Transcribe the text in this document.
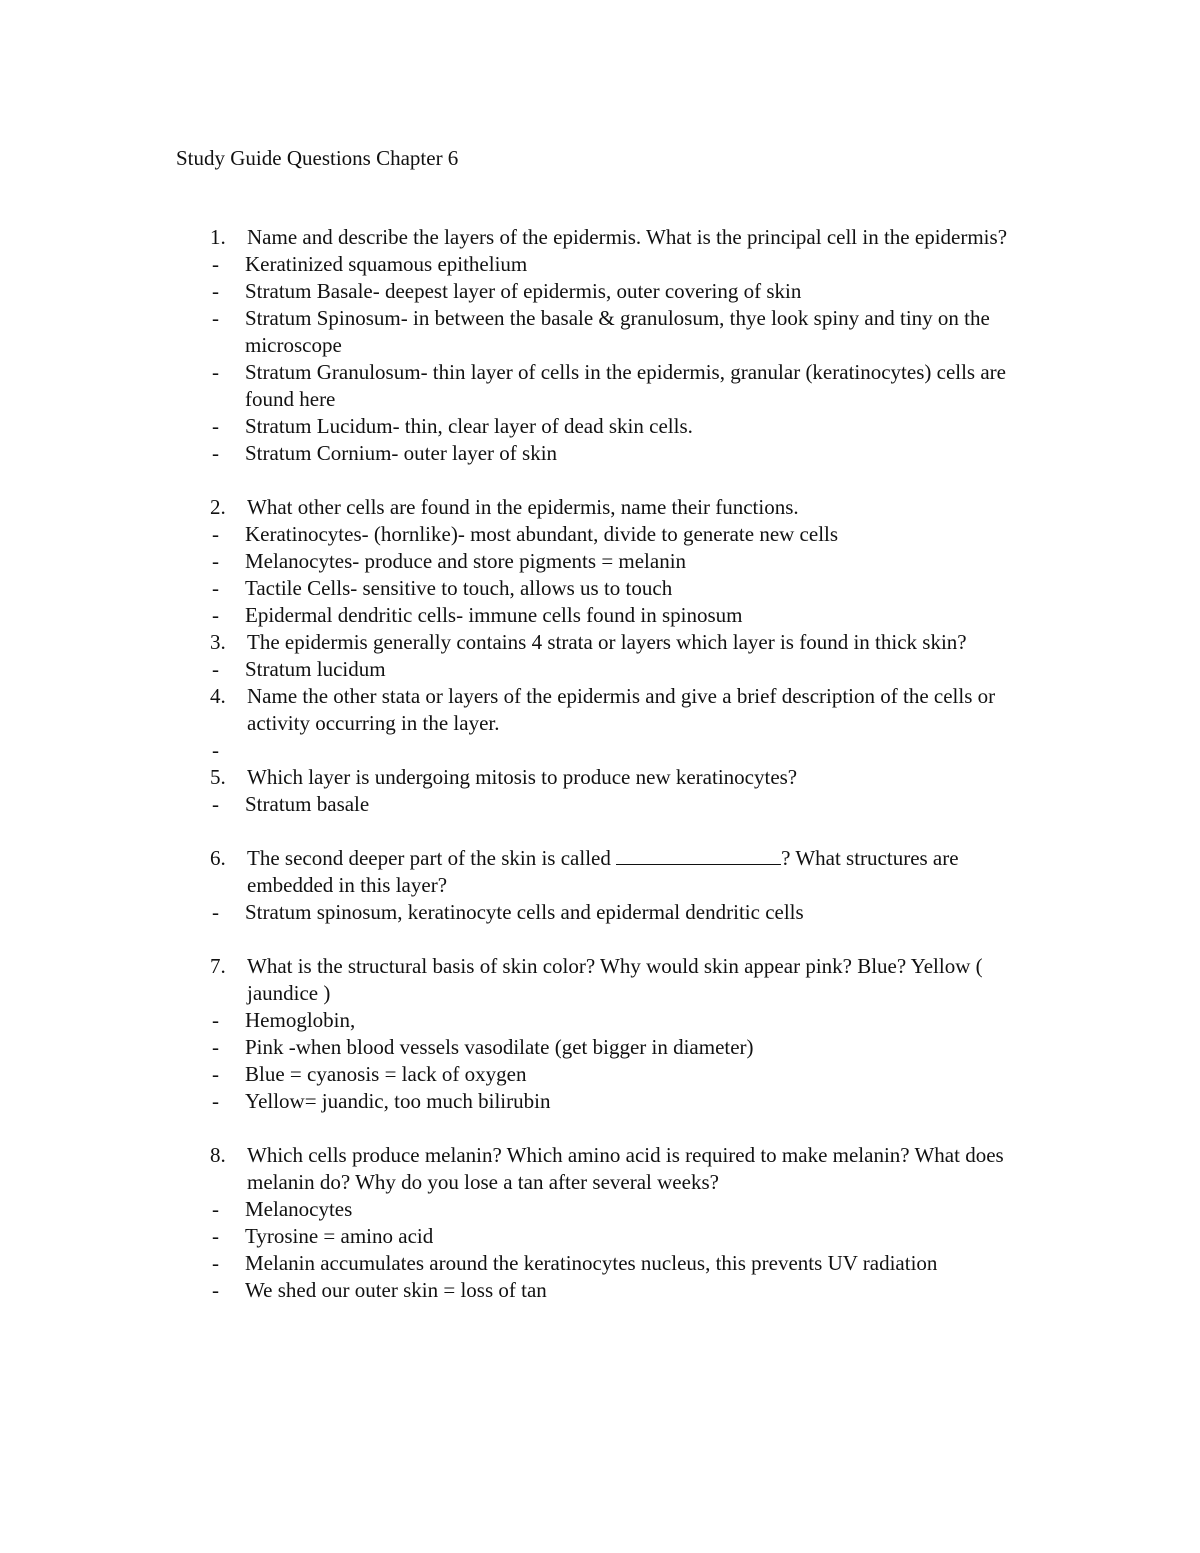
Study Guide Questions Chapter 6
1. Name and describe the layers of the epidermis. What is the principal cell in the epidermis?
- Keratinized squamous epithelium
- Stratum Basale- deepest layer of epidermis, outer covering of skin
- Stratum Spinosum- in between the basale & granulosum, thye look spiny and tiny on the microscope
- Stratum Granulosum- thin layer of cells in the epidermis, granular (keratinocytes) cells are found here
- Stratum Lucidum- thin, clear layer of dead skin cells.
- Stratum Cornium- outer layer of skin
2. What other cells are found in the epidermis, name their functions.
- Keratinocytes- (hornlike)- most abundant, divide to generate new cells
- Melanocytes- produce and store pigments = melanin
- Tactile Cells- sensitive to touch, allows us to touch
- Epidermal dendritic cells- immune cells found in spinosum
3. The epidermis generally contains 4 strata or layers which layer is found in thick skin?
- Stratum lucidum
4. Name the other stata or layers of the epidermis and give a brief description of the cells or activity occurring in the layer.
-
5. Which layer is undergoing mitosis to produce new keratinocytes?
- Stratum basale
6. The second deeper part of the skin is called	? What structures are embedded in this layer?
- Stratum spinosum, keratinocyte cells and epidermal dendritic cells
7. What is the structural basis of skin color? Why would skin appear pink? Blue? Yellow ( jaundice )
- Hemoglobin,
- Pink -when blood vessels vasodilate (get bigger in diameter)
- Blue = cyanosis = lack of oxygen
- Yellow= juandic, too much bilirubin
8. Which cells produce melanin? Which amino acid is required to make melanin? What does melanin do? Why do you lose a tan after several weeks?
- Melanocytes
- Tyrosine = amino acid
- Melanin accumulates around the keratinocytes nucleus, this prevents UV radiation
- We shed our outer skin = loss of tan
